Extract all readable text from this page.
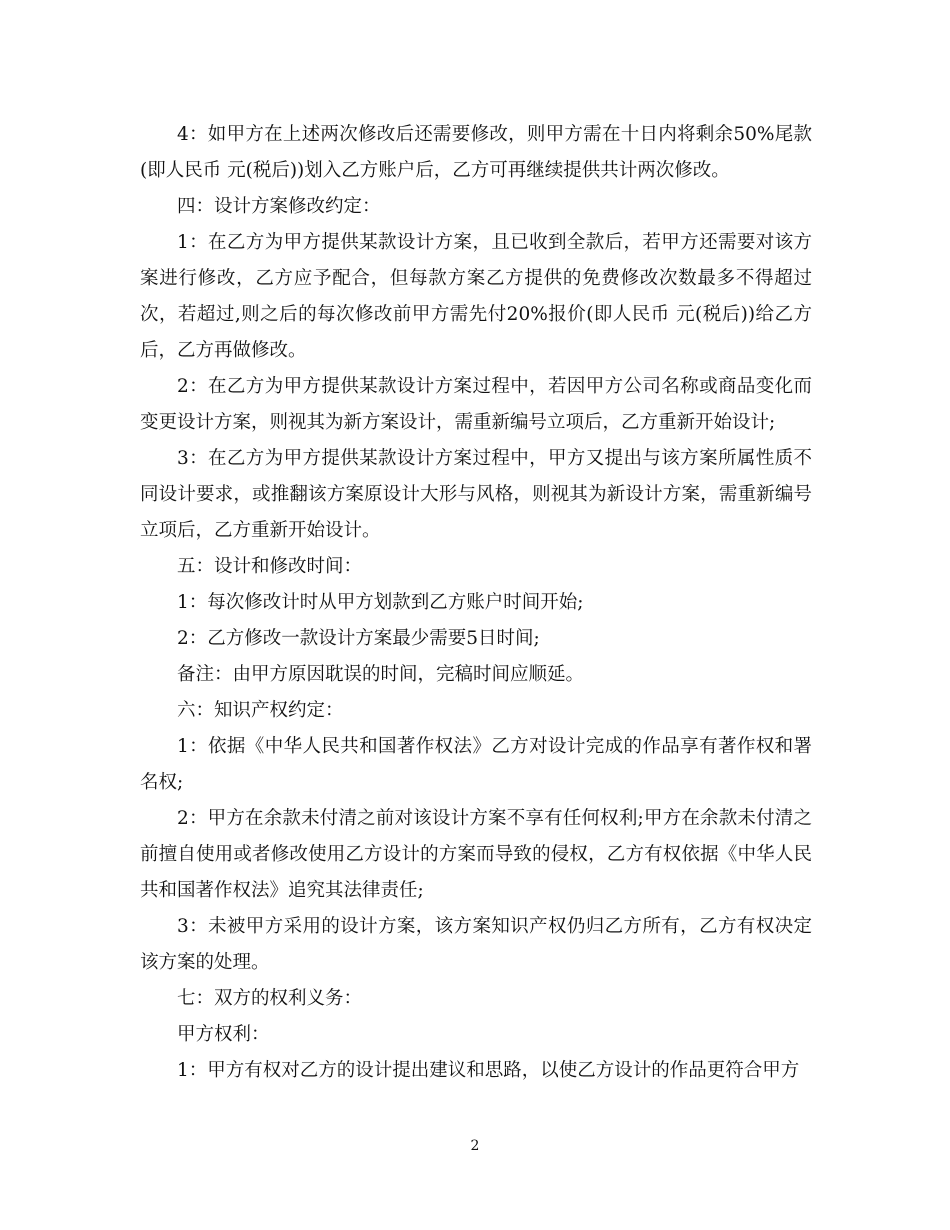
4：如甲方在上述两次修改后还需要修改，则甲方需在十日内将剩余50%尾款(即人民币 元(税后))划入乙方账户后，乙方可再继续提供共计两次修改。

四：设计方案修改约定：

1：在乙方为甲方提供某款设计方案，且已收到全款后，若甲方还需要对该方案进行修改，乙方应予配合，但每款方案乙方提供的免费修改次数最多不得超过次，若超过,则之后的每次修改前甲方需先付20%报价(即人民币 元(税后))给乙方后，乙方再做修改。

2：在乙方为甲方提供某款设计方案过程中，若因甲方公司名称或商品变化而变更设计方案，则视其为新方案设计，需重新编号立项后，乙方重新开始设计;

3：在乙方为甲方提供某款设计方案过程中，甲方又提出与该方案所属性质不同设计要求，或推翻该方案原设计大形与风格，则视其为新设计方案，需重新编号立项后，乙方重新开始设计。

五：设计和修改时间：

1：每次修改计时从甲方划款到乙方账户时间开始;

2：乙方修改一款设计方案最少需要5日时间;

备注：由甲方原因耽误的时间，完稿时间应顺延。

六：知识产权约定：

1：依据《中华人民共和国著作权法》乙方对设计完成的作品享有著作权和署名权;

2：甲方在余款未付清之前对该设计方案不享有任何权利;甲方在余款未付清之前擅自使用或者修改使用乙方设计的方案而导致的侵权，乙方有权依据《中华人民共和国著作权法》追究其法律责任;

3：未被甲方采用的设计方案，该方案知识产权仍归乙方所有，乙方有权决定该方案的处理。

七：双方的权利义务：

甲方权利：

1：甲方有权对乙方的设计提出建议和思路，以使乙方设计的作品更符合甲方

2
